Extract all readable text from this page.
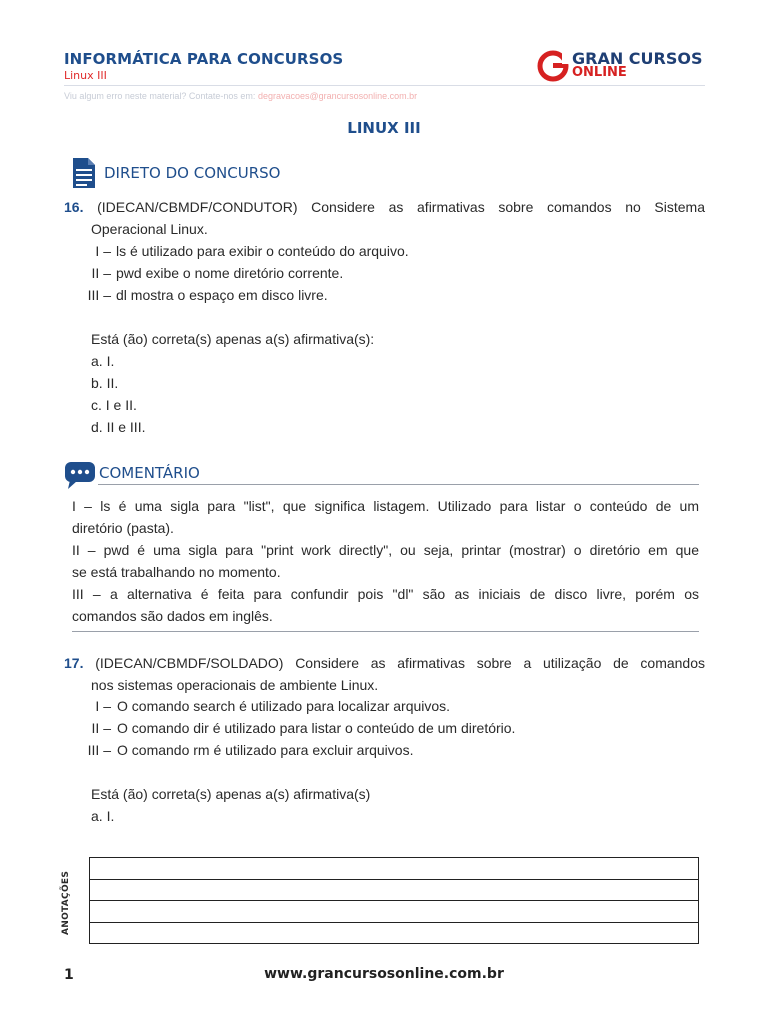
INFORMÁTICA PARA CONCURSOS
Linux III
GRAN CURSOS
ONLINE
Viu algum erro neste material? Contate-nos em: degravacoes@grancursosonline.com.br
LINUX III
DIRETO DO CONCURSO
16. (IDECAN/CBMDF/CONDUTOR) Considere as afirmativas sobre comandos no Sistema
Operacional Linux.
I – ls é utilizado para exibir o conteúdo do arquivo.
II – pwd exibe o nome diretório corrente.
III – dl mostra o espaço em disco livre.
Está (ão) correta(s) apenas a(s) afirmativa(s):
a. I.
b. II.
c. I e II.
d. II e III.
COMENTÁRIO
I – ls é uma sigla para "list", que significa listagem. Utilizado para listar o conteúdo de um
diretório (pasta).
II – pwd é uma sigla para "print work directly", ou seja, printar (mostrar) o diretório em que
se está trabalhando no momento.
III – a alternativa é feita para confundir pois "dl" são as iniciais de disco livre, porém os
comandos são dados em inglês.
17. (IDECAN/CBMDF/SOLDADO) Considere as afirmativas sobre a utilização de comandos
nos sistemas operacionais de ambiente Linux.
I – O comando search é utilizado para localizar arquivos.
II – O comando dir é utilizado para listar o conteúdo de um diretório.
III – O comando rm é utilizado para excluir arquivos.
Está (ão) correta(s) apenas a(s) afirmativa(s)
a. I.
ANOTAÇÕES
1	www.grancursosonline.com.br
